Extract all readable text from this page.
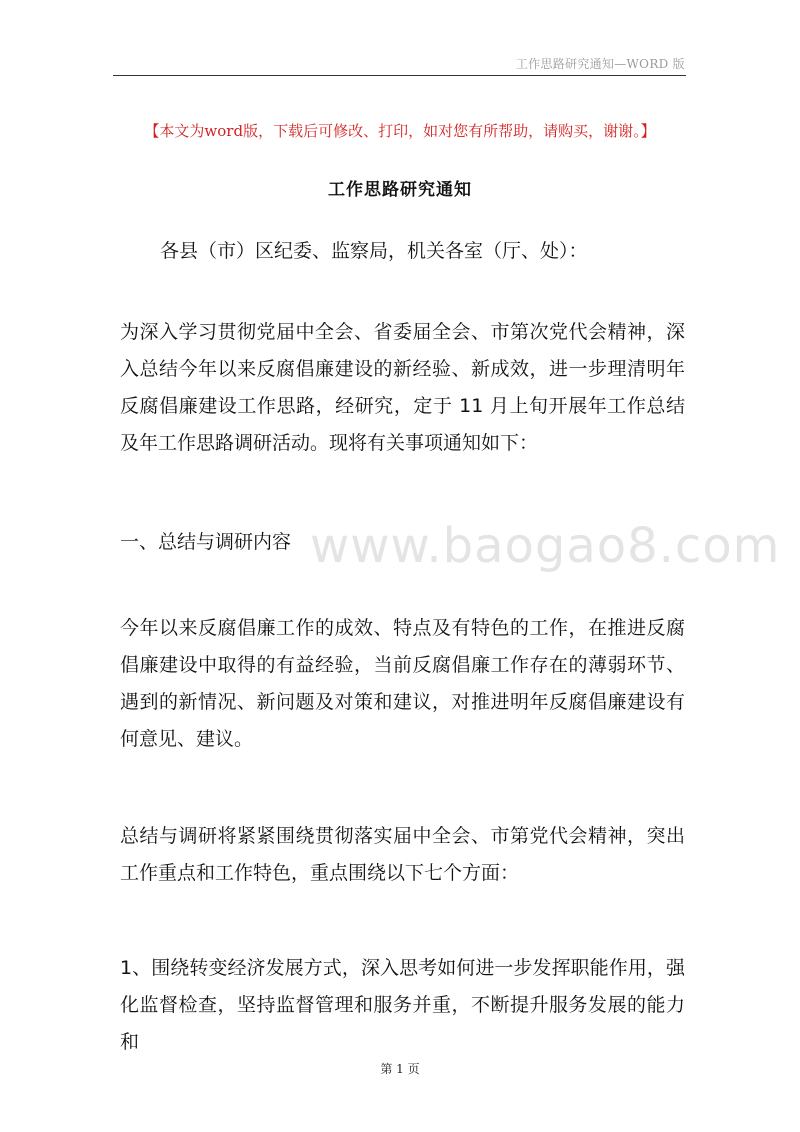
工作思路研究通知—WORD 版
【本文为word版，下载后可修改、打印，如对您有所帮助，请购买，谢谢。】
工作思路研究通知
www.baogao8.com

各县（市）区纪委、监察局，机关各室（厅、处）：

为深入学习贯彻党届中全会、省委届全会、市第次党代会精神，深入总结今年以来反腐倡廉建设的新经验、新成效，进一步理清明年反腐倡廉建设工作思路，经研究，定于 11 月上旬开展年工作总结及年工作思路调研活动。现将有关事项通知如下：

一、总结与调研内容

今年以来反腐倡廉工作的成效、特点及有特色的工作，在推进反腐倡廉建设中取得的有益经验，当前反腐倡廉工作存在的薄弱环节、遇到的新情况、新问题及对策和建议，对推进明年反腐倡廉建设有何意见、建议。

总结与调研将紧紧围绕贯彻落实届中全会、市第党代会精神，突出工作重点和工作特色，重点围绕以下七个方面：

1、围绕转变经济发展方式，深入思考如何进一步发挥职能作用，强化监督检查，坚持监督管理和服务并重，不断提升服务发展的能力和

第 1 页
